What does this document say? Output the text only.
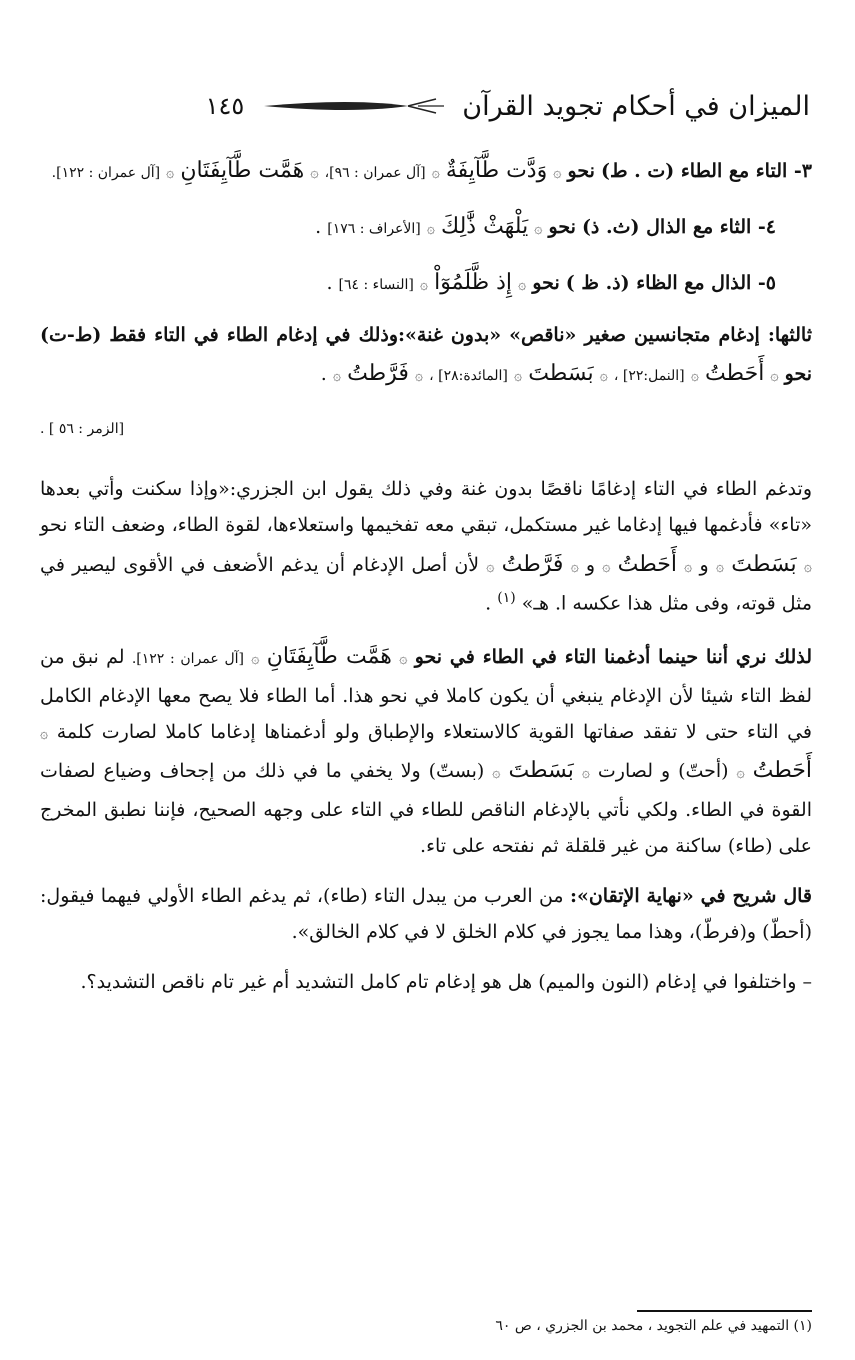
الميزان في أحكام تجويد القرآن
١٤٥

٣- التاء مع الطاء (ت . ط) نحو ۞ وَدَّت طَّآيِفَةٌ ۞ [آل عمران : ٩٦]، ۞ هَمَّت طَّآيِفَتَانِ ۞ [آل عمران : ١٢٢].

٤- الثاء مع الذال (ث. ذ) نحو ۞ يَلْهَثْ ذَّٰلِكَ ۞ [الأعراف : ١٧٦] .

٥- الذال مع الظاء (ذ. ظ ) نحو ۞ إِذ ظَّلَمُوٓاْ ۞ [النساء : ٦٤] .

ثالثها: إدغام متجانسين صغير «ناقص» «بدون غنة»:وذلك في إدغام الطاء في التاء فقط (ط-ت) نحو ۞ أَحَطتُ ۞ [النمل:٢٢] ، ۞ بَسَطتَ ۞ [المائدة:٢٨] ، ۞ فَرَّطتُ ۞ .

[الزمر : ٥٦ ] .

وتدغم الطاء في التاء إدغامًا ناقصًا بدون غنة وفي ذلك يقول ابن الجزري:«وإذا سكنت وأتي بعدها «تاء» فأدغمها فيها إدغاما غير مستكمل، تبقي معه تفخيمها واستعلاءها، لقوة الطاء، وضعف التاء نحو ۞ بَسَطتَ ۞ و ۞ أَحَطتُ ۞ و ۞ فَرَّطتُ ۞ لأن أصل الإدغام أن يدغم الأضعف في الأقوى ليصير في مثل قوته، وفى مثل هذا عكسه ا. هـ» $^{(١)}$ .

لذلك نري أننا حينما أدغمنا التاء في الطاء في نحو ۞ هَمَّت طَّآيِفَتَانِ ۞ [آل عمران : ١٢٢]. لم نبق من لفظ التاء شيئا لأن الإدغام ينبغي أن يكون كاملا في نحو هذا. أما الطاء فلا يصح معها الإدغام الكامل في التاء حتى لا تفقد صفاتها القوية كالاستعلاء والإطباق ولو أدغمناها إدغاما كاملا لصارت كلمة ۞ أَحَطتُ ۞ (أحتّ) و لصارت ۞ بَسَطتَ ۞ (بستّ) ولا يخفي ما في ذلك من إجحاف وضياع لصفات القوة في الطاء. ولكي نأتي بالإدغام الناقص للطاء في التاء على وجهه الصحيح، فإننا نطبق المخرج على (طاء) ساكنة من غير قلقلة ثم نفتحه على تاء.

قال شريح في «نهاية الإتقان»: من العرب من يبدل التاء (طاء)، ثم يدغم الطاء الأولي فيهما فيقول: (أحطّ) و(فرطّ)، وهذا مما يجوز في كلام الخلق لا في كلام الخالق».

– واختلفوا في إدغام (النون والميم) هل هو إدغام تام كامل التشديد أم غير تام ناقص التشديد؟.

(١) التمهيد في علم التجويد ، محمد بن الجزري ، ص ٦٠
